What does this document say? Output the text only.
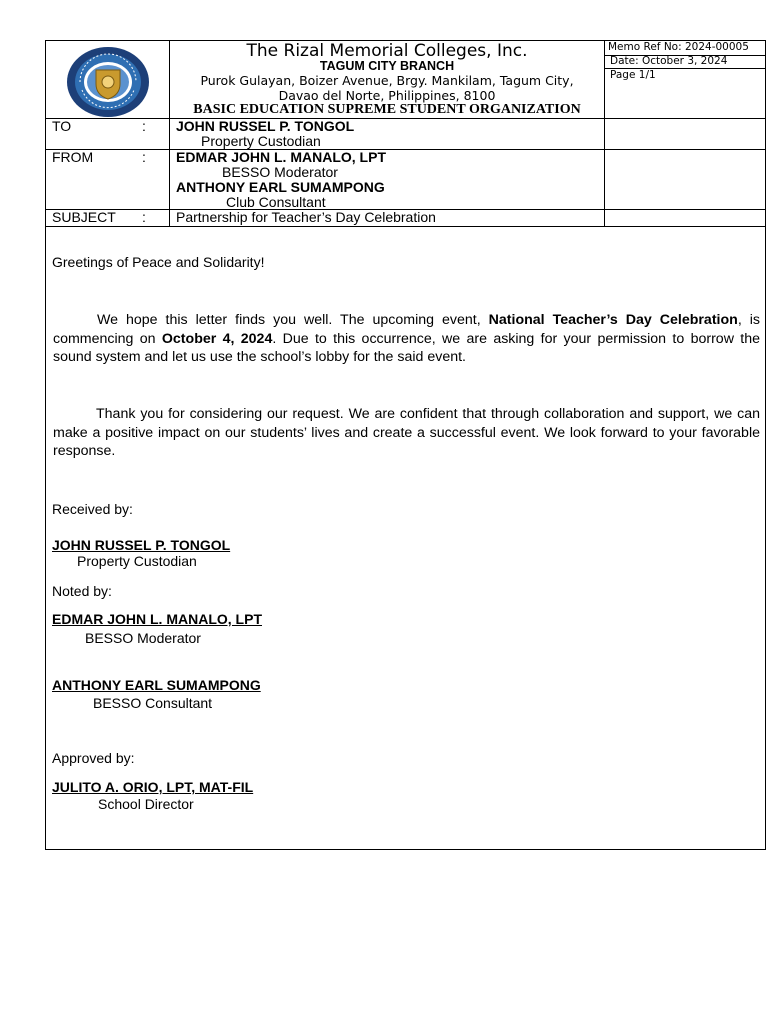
The Rizal Memorial Colleges, Inc.
TAGUM CITY BRANCH
Purok Gulayan, Boizer Avenue, Brgy. Mankilam, Tagum City,
Davao del Norte, Philippines, 8100
BASIC EDUCATION SUPREME STUDENT ORGANIZATION
Memo Ref No: 2024-00005
Date: October 3, 2024
Page 1/1
TO	: JOHN RUSSEL P. TONGOL
Property Custodian
FROM	: EDMAR JOHN L. MANALO, LPT
BESSO Moderator
ANTHONY EARL SUMAMPONG
Club Consultant
SUBJECT : Partnership for Teacher’s Day Celebration
Greetings of Peace and Solidarity!
We hope this letter finds you well. The upcoming event, National Teacher’s Day Celebration, is commencing on October 4, 2024. Due to this occurrence, we are asking for your permission to borrow the sound system and let us use the school’s lobby for the said event.
Thank you for considering our request. We are confident that through collaboration and support, we can make a positive impact on our students’ lives and create a successful event. We look forward to your favorable response.
Received by:
JOHN RUSSEL P. TONGOL
Property Custodian
Noted by:
EDMAR JOHN L. MANALO, LPT
BESSO Moderator
ANTHONY EARL SUMAMPONG
BESSO Consultant
Approved by:
JULITO A. ORIO, LPT, MAT-FIL
School Director
